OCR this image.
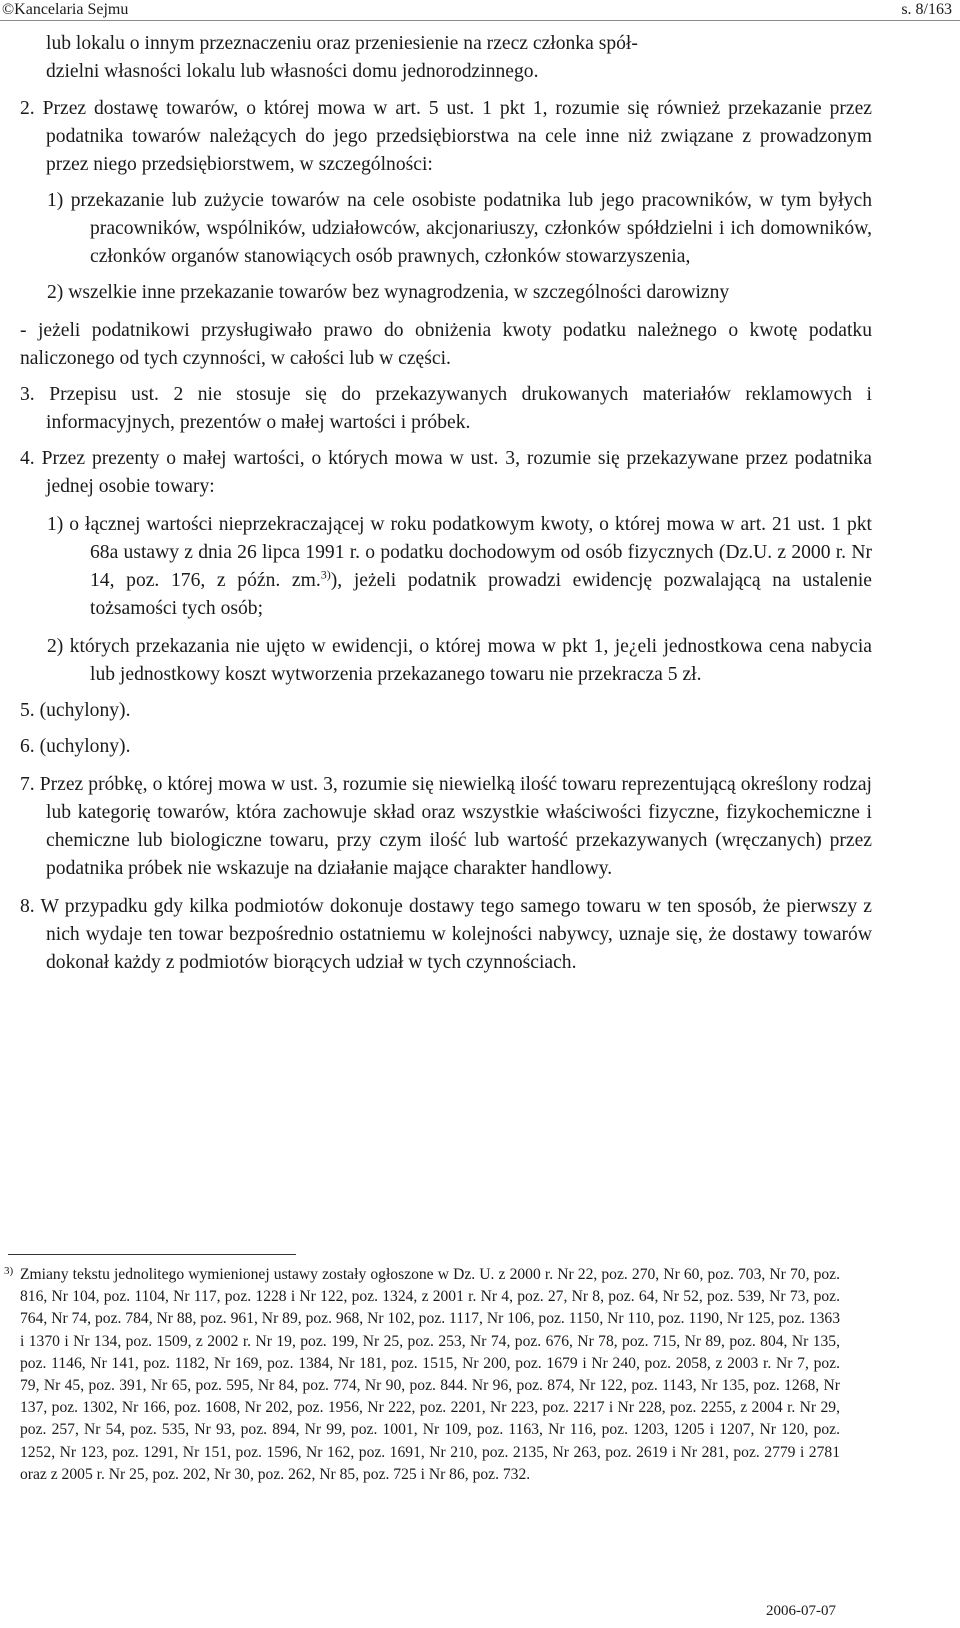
©Kancelaria Sejmu	s. 8/163

lub lokalu o innym przeznaczeniu oraz przeniesienie na rzecz członka spół-
dzielni własności lokalu lub własności domu jednorodzinnego.

2. Przez dostawę towarów, o której mowa w art. 5 ust. 1 pkt 1, rozumie się również przekazanie przez podatnika towarów należących do jego przedsiębiorstwa na cele inne niż związane z prowadzonym przez niego przedsiębiorstwem, w szczególności:

1) przekazanie lub zużycie towarów na cele osobiste podatnika lub jego pracowników, w tym byłych pracowników, wspólników, udziałowców, akcjonariuszy, członków spółdzielni i ich domowników, członków organów stanowiących osób prawnych, członków stowarzyszenia,

2) wszelkie inne przekazanie towarów bez wynagrodzenia, w szczególności darowizny

- jeżeli podatnikowi przysługiwało prawo do obniżenia kwoty podatku należnego o kwotę podatku naliczonego od tych czynności, w całości lub w części.

3. Przepisu ust. 2 nie stosuje się do przekazywanych drukowanych materiałów reklamowych i informacyjnych, prezentów o małej wartości i próbek.

4. Przez prezenty o małej wartości, o których mowa w ust. 3, rozumie się przekazywane przez podatnika jednej osobie towary:

1) o łącznej wartości nieprzekraczającej w roku podatkowym kwoty, o której mowa w art. 21 ust. 1 pkt 68a ustawy z dnia 26 lipca 1991 r. o podatku dochodowym od osób fizycznych (Dz.U. z 2000 r. Nr 14, poz. 176, z późn. zm.$^{3)}$), jeżeli podatnik prowadzi ewidencję pozwalającą na ustalenie tożsamości tych osób;

2) których przekazania nie ujęto w ewidencji, o której mowa w pkt 1, je¿eli jednostkowa cena nabycia lub jednostkowy koszt wytworzenia przekazanego towaru nie przekracza 5 zł.

5. (uchylony).

6. (uchylony).

7. Przez próbkę, o której mowa w ust. 3, rozumie się niewielką ilość towaru reprezentującą określony rodzaj lub kategorię towarów, która zachowuje skład oraz wszystkie właściwości fizyczne, fizykochemiczne i chemiczne lub biologiczne towaru, przy czym ilość lub wartość przekazywanych (wręczanych) przez podatnika próbek nie wskazuje na działanie mające charakter handlowy.

8. W przypadku gdy kilka podmiotów dokonuje dostawy tego samego towaru w ten sposób, że pierwszy z nich wydaje ten towar bezpośrednio ostatniemu w kolejności nabywcy, uznaje się, że dostawy towarów dokonał każdy z podmiotów biorących udział w tych czynnościach.

3) Zmiany tekstu jednolitego wymienionej ustawy zostały ogłoszone w Dz. U. z 2000 r. Nr 22, poz. 270, Nr 60, poz. 703, Nr 70, poz. 816, Nr 104, poz. 1104, Nr 117, poz. 1228 i Nr 122, poz. 1324, z 2001 r. Nr 4, poz. 27, Nr 8, poz. 64, Nr 52, poz. 539, Nr 73, poz. 764, Nr 74, poz. 784, Nr 88, poz. 961, Nr 89, poz. 968, Nr 102, poz. 1117, Nr 106, poz. 1150, Nr 110, poz. 1190, Nr 125, poz. 1363 i 1370 i Nr 134, poz. 1509, z 2002 r. Nr 19, poz. 199, Nr 25, poz. 253, Nr 74, poz. 676, Nr 78, poz. 715, Nr 89, poz. 804, Nr 135, poz. 1146, Nr 141, poz. 1182, Nr 169, poz. 1384, Nr 181, poz. 1515, Nr 200, poz. 1679 i Nr 240, poz. 2058, z 2003 r. Nr 7, poz. 79, Nr 45, poz. 391, Nr 65, poz. 595, Nr 84, poz. 774, Nr 90, poz. 844. Nr 96, poz. 874, Nr 122, poz. 1143, Nr 135, poz. 1268, Nr 137, poz. 1302, Nr 166, poz. 1608, Nr 202, poz. 1956, Nr 222, poz. 2201, Nr 223, poz. 2217 i Nr 228, poz. 2255, z 2004 r. Nr 29, poz. 257, Nr 54, poz. 535, Nr 93, poz. 894, Nr 99, poz. 1001, Nr 109, poz. 1163, Nr 116, poz. 1203, 1205 i 1207, Nr 120, poz. 1252, Nr 123, poz. 1291, Nr 151, poz. 1596, Nr 162, poz. 1691, Nr 210, poz. 2135, Nr 263, poz. 2619 i Nr 281, poz. 2779 i 2781 oraz z 2005 r. Nr 25, poz. 202, Nr 30, poz. 262, Nr 85, poz. 725 i Nr 86, poz. 732.
2006-07-07
